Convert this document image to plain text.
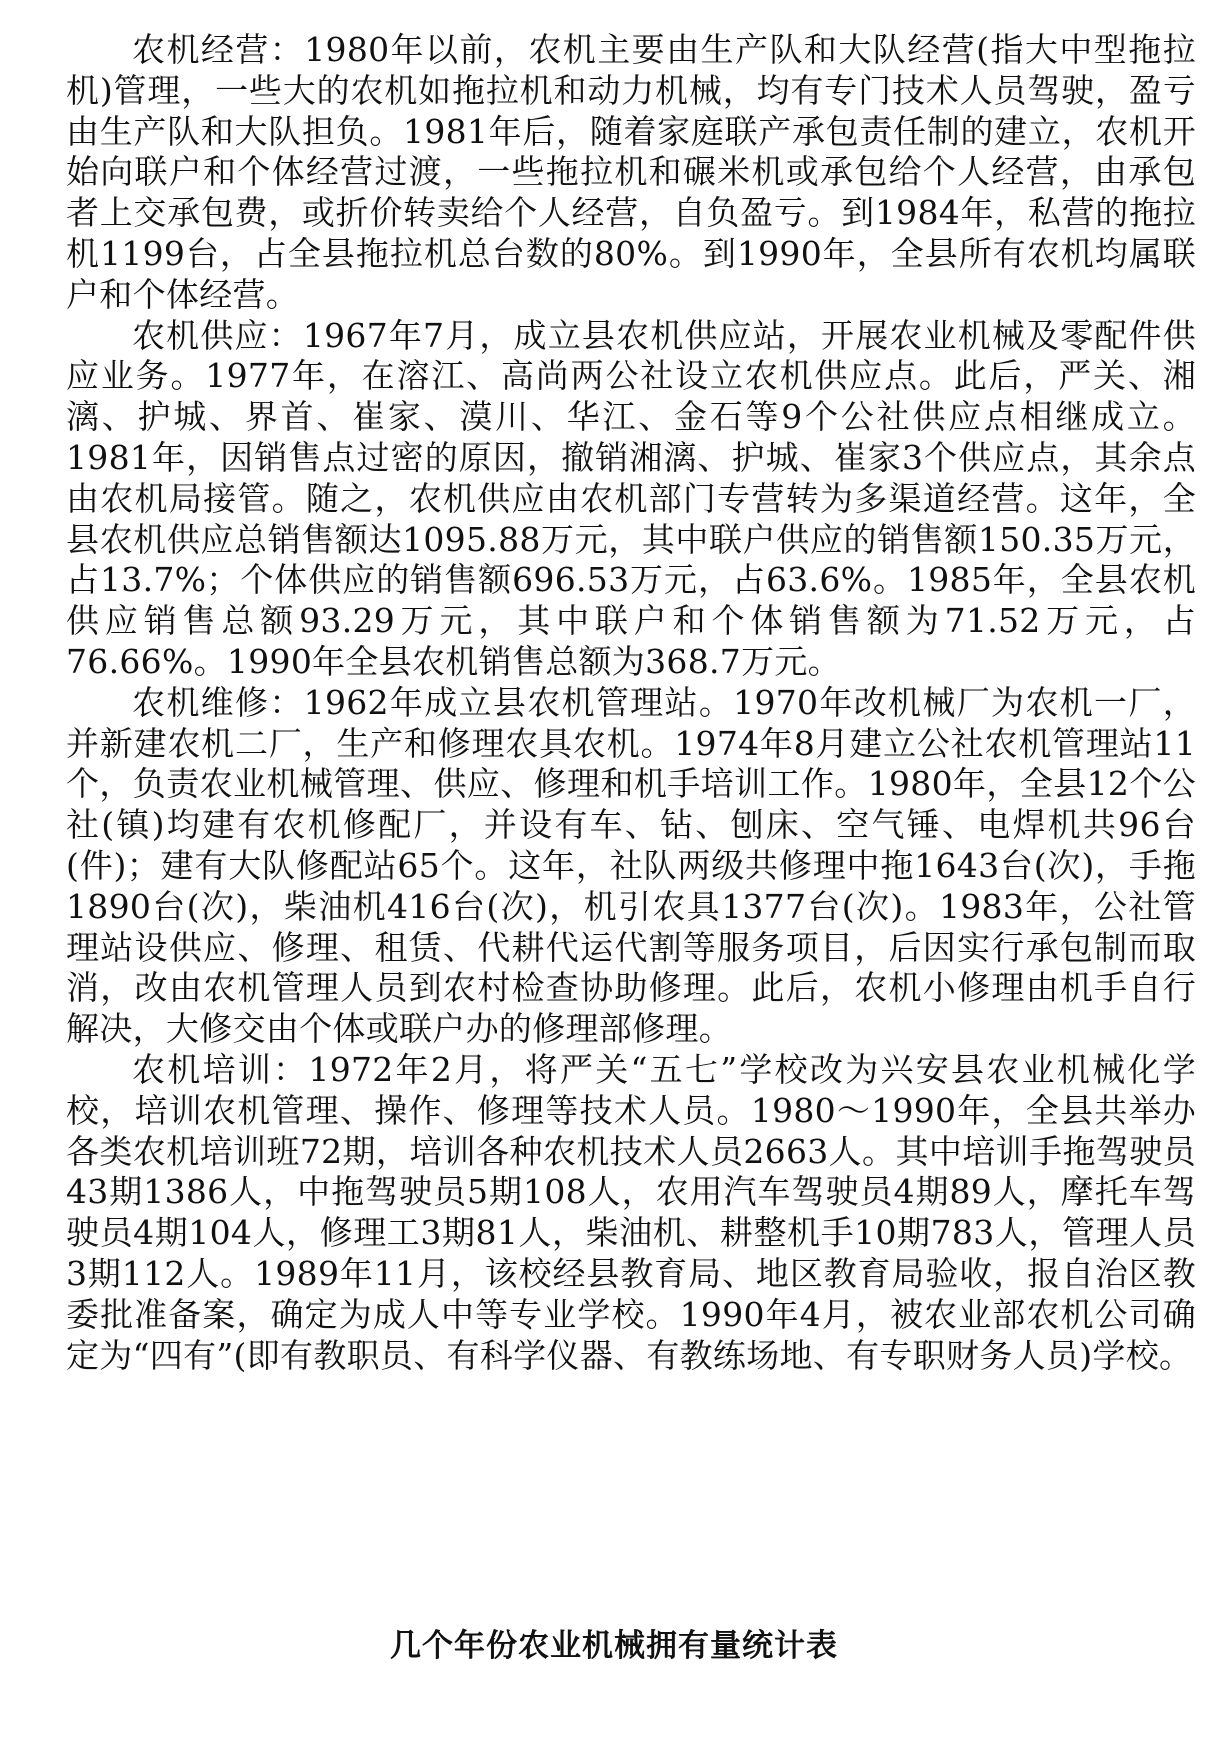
农机经营：1980年以前，农机主要由生产队和大队经营(指大中型拖拉机)管理，一些大的农机如拖拉机和动力机械，均有专门技术人员驾驶，盈亏由生产队和大队担负。1981年后，随着家庭联产承包责任制的建立，农机开始向联户和个体经营过渡，一些拖拉机和碾米机或承包给个人经营，由承包者上交承包费，或折价转卖给个人经营，自负盈亏。到1984年，私营的拖拉机1199台，占全县拖拉机总台数的80%。到1990年，全县所有农机均属联户和个体经营。

农机供应：1967年7月，成立县农机供应站，开展农业机械及零配件供应业务。1977年，在溶江、高尚两公社设立农机供应点。此后，严关、湘漓、护城、界首、崔家、漠川、华江、金石等9个公社供应点相继成立。1981年，因销售点过密的原因，撤销湘漓、护城、崔家3个供应点，其余点由农机局接管。随之，农机供应由农机部门专营转为多渠道经营。这年，全县农机供应总销售额达1095.88万元，其中联户供应的销售额150.35万元，占13.7%；个体供应的销售额696.53万元，占63.6%。1985年，全县农机供应销售总额93.29万元，其中联户和个体销售额为71.52万元，占76.66%。1990年全县农机销售总额为368.7万元。

农机维修：1962年成立县农机管理站。1970年改机械厂为农机一厂，并新建农机二厂，生产和修理农具农机。1974年8月建立公社农机管理站11个，负责农业机械管理、供应、修理和机手培训工作。1980年，全县12个公社(镇)均建有农机修配厂，并设有车、钻、刨床、空气锤、电焊机共96台(件)；建有大队修配站65个。这年，社队两级共修理中拖1643台(次)，手拖1890台(次)，柴油机416台(次)，机引农具1377台(次)。1983年，公社管理站设供应、修理、租赁、代耕代运代割等服务项目，后因实行承包制而取消，改由农机管理人员到农村检查协助修理。此后，农机小修理由机手自行解决，大修交由个体或联户办的修理部修理。

农机培训：1972年2月，将严关“五七”学校改为兴安县农业机械化学校，培训农机管理、操作、修理等技术人员。1980～1990年，全县共举办各类农机培训班72期，培训各种农机技术人员2663人。其中培训手拖驾驶员43期1386人，中拖驾驶员5期108人，农用汽车驾驶员4期89人，摩托车驾驶员4期104人，修理工3期81人，柴油机、耕整机手10期783人，管理人员3期112人。1989年11月，该校经县教育局、地区教育局验收，报自治区教委批准备案，确定为成人中等专业学校。1990年4月，被农业部农机公司确定为“四有”(即有教职员、有科学仪器、有教练场地、有专职财务人员)学校。

几个年份农业机械拥有量统计表
